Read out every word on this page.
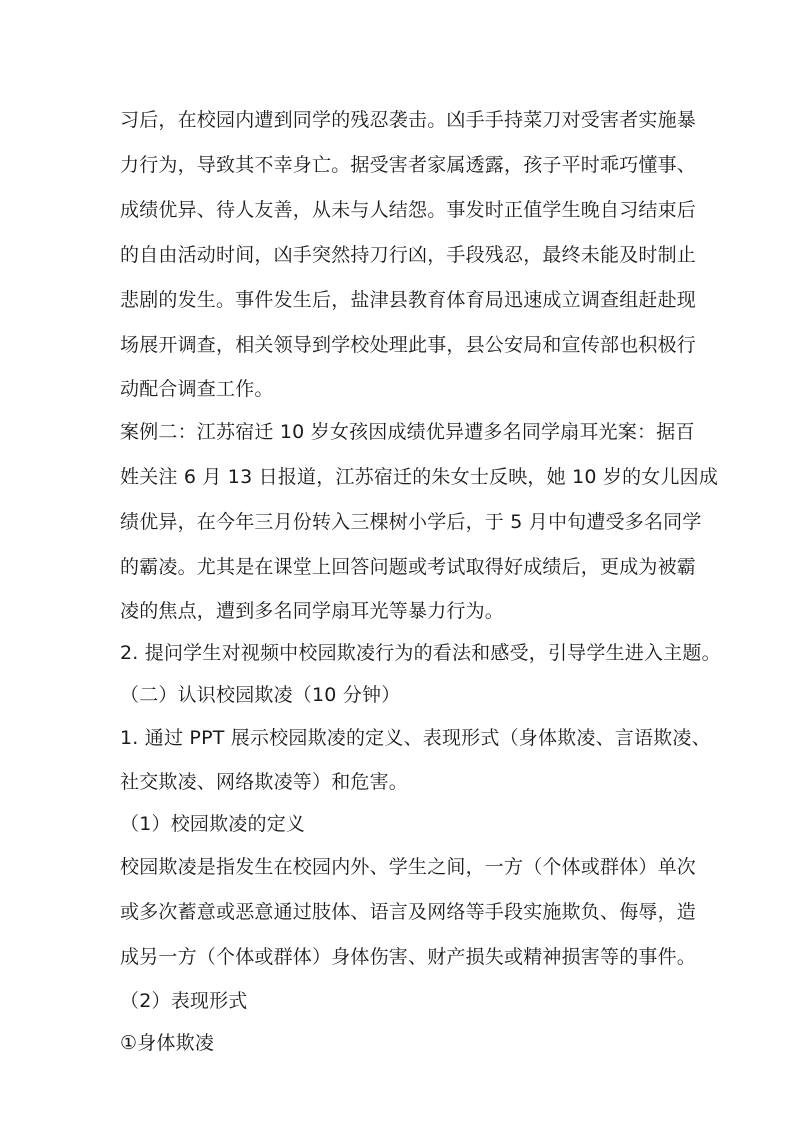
习后，在校园内遭到同学的残忍袭击。凶手手持菜刀对受害者实施暴
力行为，导致其不幸身亡。据受害者家属透露，孩子平时乖巧懂事、
成绩优异、待人友善，从未与人结怨。事发时正值学生晚自习结束后
的自由活动时间，凶手突然持刀行凶，手段残忍，最终未能及时制止
悲剧的发生。事件发生后，盐津县教育体育局迅速成立调查组赶赴现
场展开调查，相关领导到学校处理此事，县公安局和宣传部也积极行
动配合调查工作。
案例二：江苏宿迁 10 岁女孩因成绩优异遭多名同学扇耳光案：据百
姓关注 6 月 13 日报道，江苏宿迁的朱女士反映，她 10 岁的女儿因成
绩优异，在今年三月份转入三棵树小学后，于 5 月中旬遭受多名同学
的霸凌。尤其是在课堂上回答问题或考试取得好成绩后，更成为被霸
凌的焦点，遭到多名同学扇耳光等暴力行为。
2. 提问学生对视频中校园欺凌行为的看法和感受，引导学生进入主题。
（二）认识校园欺凌（10 分钟）
1. 通过 PPT 展示校园欺凌的定义、表现形式（身体欺凌、言语欺凌、
社交欺凌、网络欺凌等）和危害。
（1）校园欺凌的定义
校园欺凌是指发生在校园内外、学生之间，一方（个体或群体）单次
或多次蓄意或恶意通过肢体、语言及网络等手段实施欺负、侮辱，造
成另一方（个体或群体）身体伤害、财产损失或精神损害等的事件。
（2）表现形式
①身体欺凌
